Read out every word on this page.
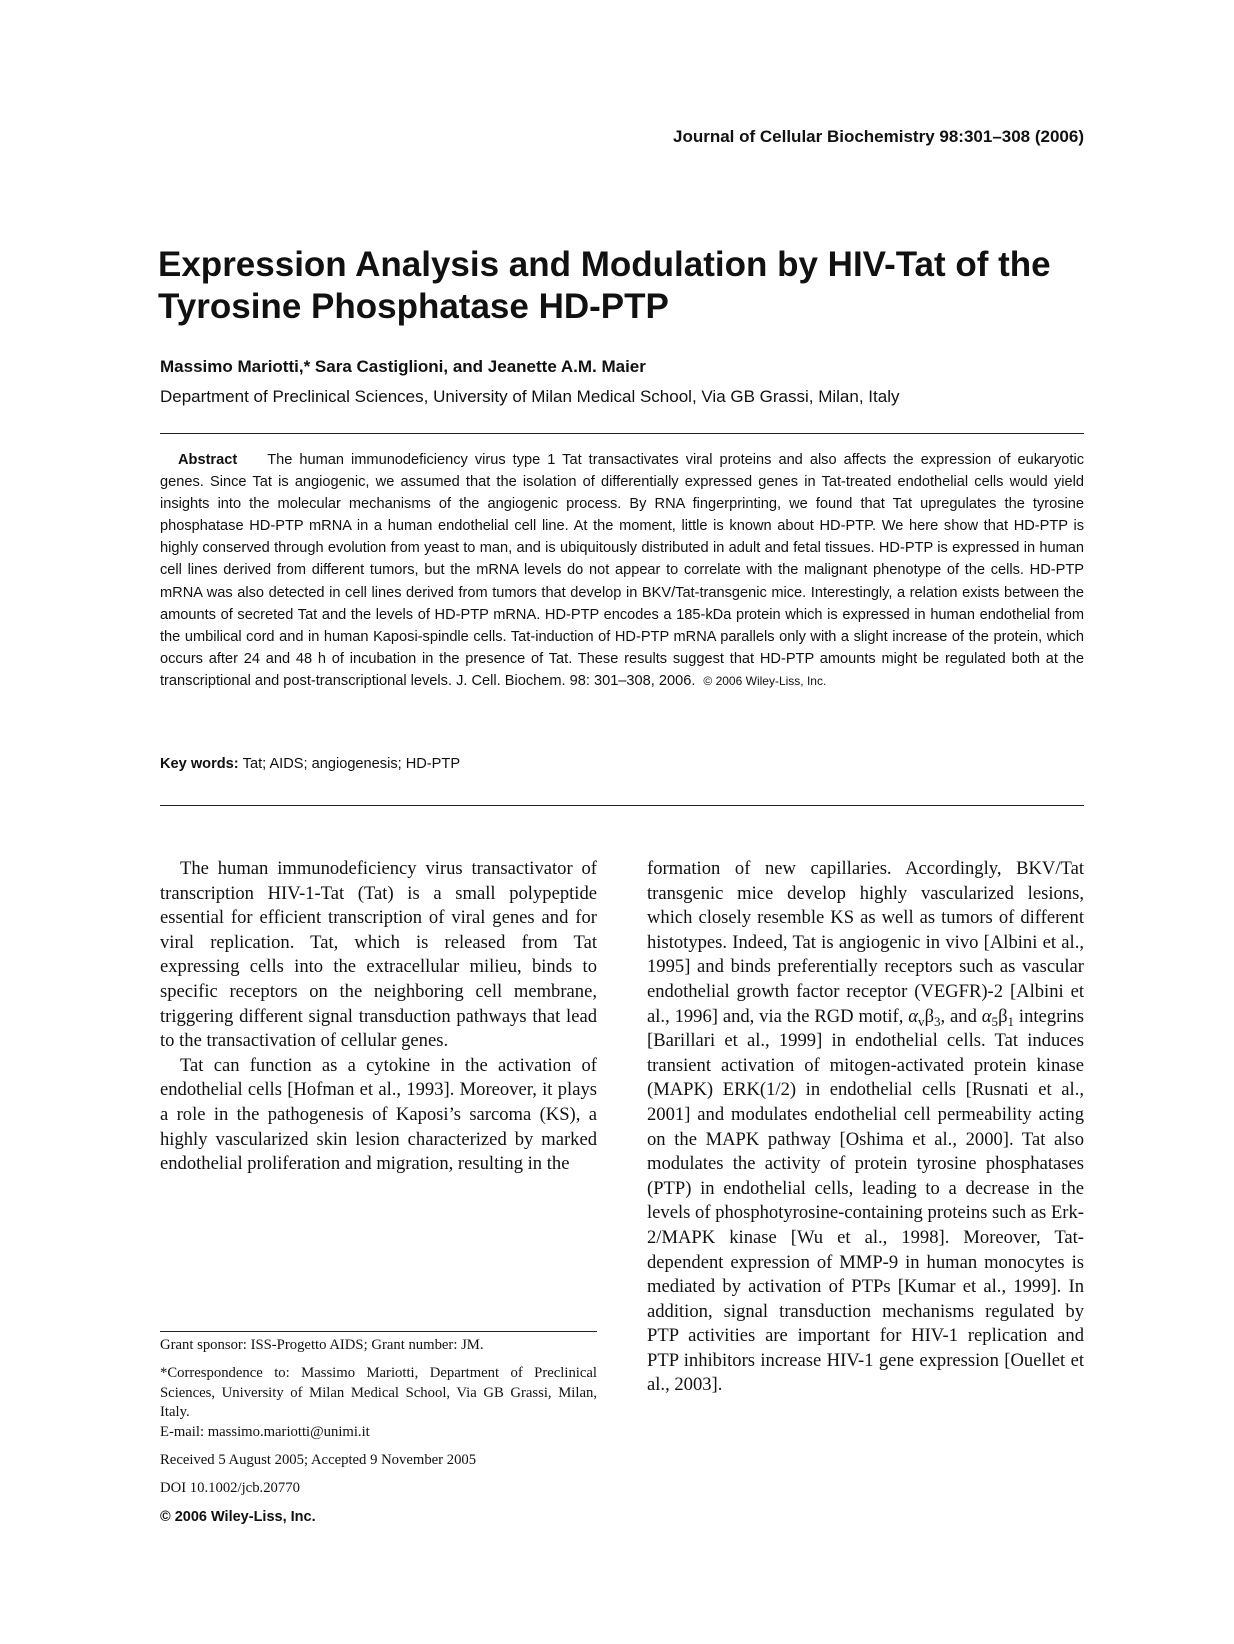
Journal of Cellular Biochemistry 98:301–308 (2006)
Expression Analysis and Modulation by HIV-Tat of the
Tyrosine Phosphatase HD-PTP
Massimo Mariotti,* Sara Castiglioni, and Jeanette A.M. Maier
Department of Preclinical Sciences, University of Milan Medical School, Via GB Grassi, Milan, Italy

Abstract The human immunodeficiency virus type 1 Tat transactivates viral proteins and also affects the expression of eukaryotic genes. Since Tat is angiogenic, we assumed that the isolation of differentially expressed genes in Tat-treated endothelial cells would yield insights into the molecular mechanisms of the angiogenic process. By RNA fingerprinting, we found that Tat upregulates the tyrosine phosphatase HD-PTP mRNA in a human endothelial cell line. At the moment, little is known about HD-PTP. We here show that HD-PTP is highly conserved through evolution from yeast to man, and is ubiquitously distributed in adult and fetal tissues. HD-PTP is expressed in human cell lines derived from different tumors, but the mRNA levels do not appear to correlate with the malignant phenotype of the cells. HD-PTP mRNA was also detected in cell lines derived from tumors that develop in BKV/Tat-transgenic mice. Interestingly, a relation exists between the amounts of secreted Tat and the levels of HD-PTP mRNA. HD-PTP encodes a 185-kDa protein which is expressed in human endothelial from the umbilical cord and in human Kaposi-spindle cells. Tat-induction of HD-PTP mRNA parallels only with a slight increase of the protein, which occurs after 24 and 48 h of incubation in the presence of Tat. These results suggest that HD-PTP amounts might be regulated both at the transcriptional and post-transcriptional levels. J. Cell. Biochem. 98: 301–308, 2006. © 2006 Wiley-Liss, Inc.

Key words: Tat; AIDS; angiogenesis; HD-PTP

The human immunodeficiency virus transactivator of transcription HIV-1-Tat (Tat) is a small polypeptide essential for efficient transcription of viral genes and for viral replication. Tat, which is released from Tat expressing cells into the extracellular milieu, binds to specific receptors on the neighboring cell membrane, triggering different signal transduction pathways that lead to the transactivation of cellular genes.

Tat can function as a cytokine in the activation of endothelial cells [Hofman et al., 1993]. Moreover, it plays a role in the pathogenesis of Kaposi’s sarcoma (KS), a highly vascularized skin lesion characterized by marked endothelial proliferation and migration, resulting in the

formation of new capillaries. Accordingly, BKV/Tat transgenic mice develop highly vascularized lesions, which closely resemble KS as well as tumors of different histotypes. Indeed, Tat is angiogenic in vivo [Albini et al., 1995] and binds preferentially receptors such as vascular endothelial growth factor receptor (VEGFR)-2 [Albini et al., 1996] and, via the RGD motif, $\alpha_v\beta_3$, and $\alpha_5\beta_1$ integrins [Barillari et al., 1999] in endothelial cells. Tat induces transient activation of mitogen-activated protein kinase (MAPK) ERK(1/2) in endothelial cells [Rusnati et al., 2001] and modulates endothelial cell permeability acting on the MAPK pathway [Oshima et al., 2000]. Tat also modulates the activity of protein tyrosine phosphatases (PTP) in endothelial cells, leading to a decrease in the levels of phosphotyrosine-containing proteins such as Erk-2/MAPK kinase [Wu et al., 1998]. Moreover, Tat-dependent expression of MMP-9 in human monocytes is mediated by activation of PTPs [Kumar et al., 1999]. In addition, signal transduction mechanisms regulated by PTP activities are important for HIV-1 replication and PTP inhibitors increase HIV-1 gene expression [Ouellet et al., 2003].

Grant sponsor: ISS-Progetto AIDS; Grant number: JM.

*Correspondence to: Massimo Mariotti, Department of Preclinical Sciences, University of Milan Medical School, Via GB Grassi, Milan, Italy.

E-mail: massimo.mariotti@unimi.it

Received 5 August 2005; Accepted 9 November 2005

DOI 10.1002/jcb.20770

© 2006 Wiley-Liss, Inc.
